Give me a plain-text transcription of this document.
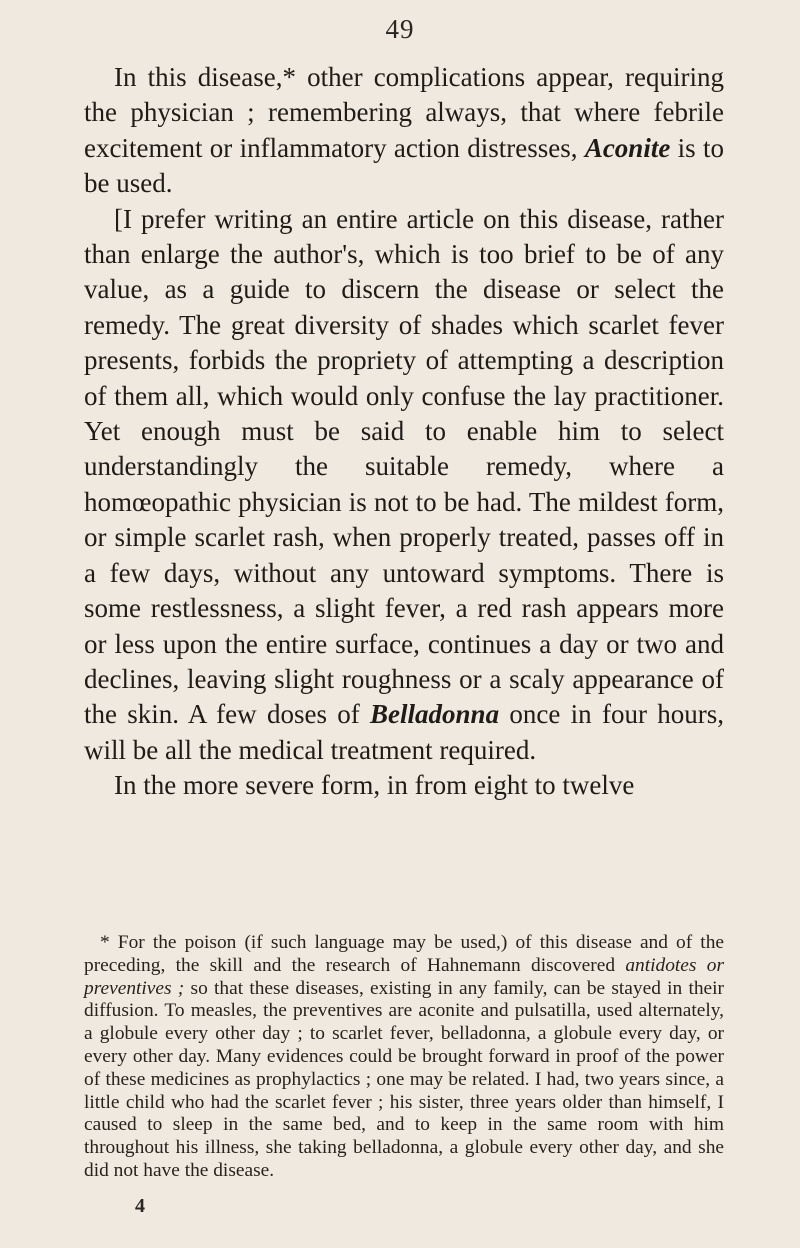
49

In this disease,* other complications appear, requiring the physician ; remembering always, that where febrile excitement or inflammatory action distresses, Aconite is to be used.

[I prefer writing an entire article on this disease, rather than enlarge the author's, which is too brief to be of any value, as a guide to discern the disease or select the remedy. The great diversity of shades which scarlet fever presents, forbids the propriety of attempting a description of them all, which would only confuse the lay practitioner. Yet enough must be said to enable him to select understandingly the suitable remedy, where a homœopathic physician is not to be had. The mildest form, or simple scarlet rash, when properly treated, passes off in a few days, without any untoward symptoms. There is some restlessness, a slight fever, a red rash appears more or less upon the entire surface, continues a day or two and declines, leaving slight roughness or a scaly appearance of the skin. A few doses of Belladonna once in four hours, will be all the medical treatment required.

In the more severe form, in from eight to twelve

* For the poison (if such language may be used,) of this disease and of the preceding, the skill and the research of Hahnemann discovered antidotes or preventives ; so that these diseases, existing in any family, can be stayed in their diffusion. To measles, the preventives are aconite and pulsatilla, used alternately, a globule every other day ; to scarlet fever, belladonna, a globule every day, or every other day. Many evidences could be brought forward in proof of the power of these medicines as prophylactics ; one may be related. I had, two years since, a little child who had the scarlet fever ; his sister, three years older than himself, I caused to sleep in the same bed, and to keep in the same room with him throughout his illness, she taking belladonna, a globule every other day, and she did not have the disease.

4
